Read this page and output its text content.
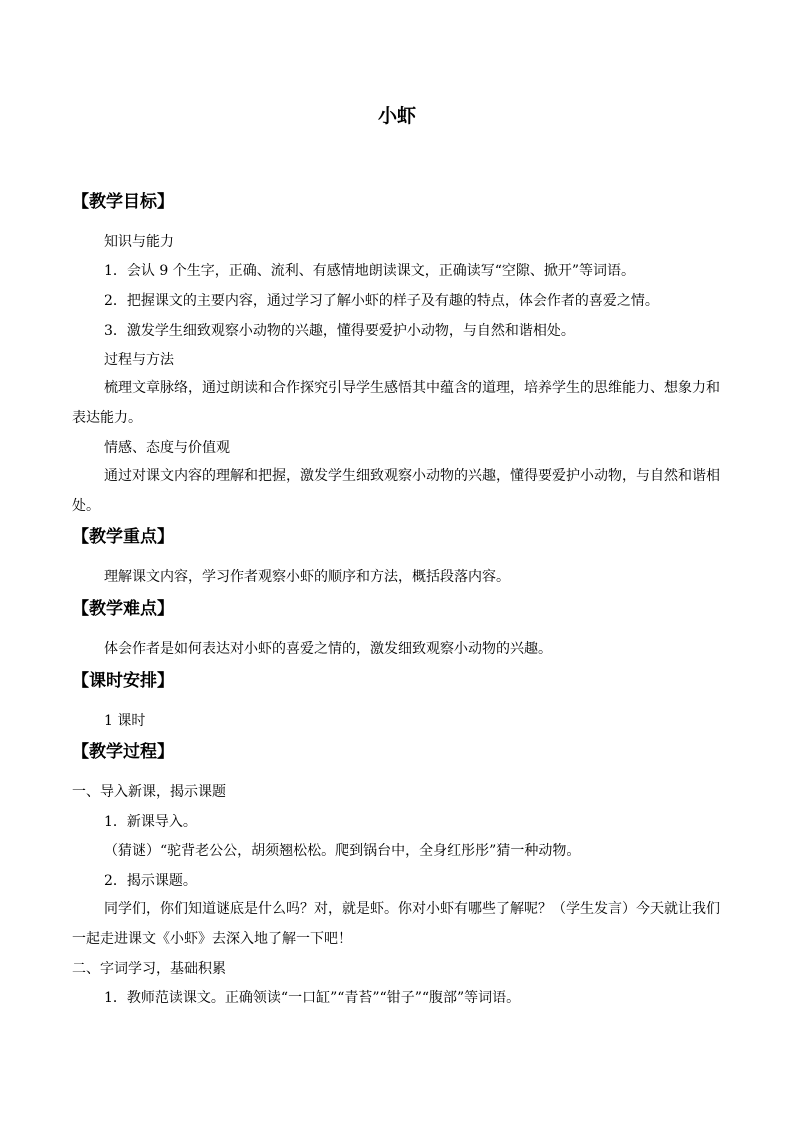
小虾
【教学目标】
知识与能力
1．会认 9 个生字，正确、流利、有感情地朗读课文，正确读写“空隙、掀开”等词语。
2．把握课文的主要内容，通过学习了解小虾的样子及有趣的特点，体会作者的喜爱之情。
3．激发学生细致观察小动物的兴趣，懂得要爱护小动物，与自然和谐相处。
过程与方法
梳理文章脉络，通过朗读和合作探究引导学生感悟其中蕴含的道理，培养学生的思维能力、想象力和表达能力。
情感、态度与价值观
通过对课文内容的理解和把握，激发学生细致观察小动物的兴趣，懂得要爱护小动物，与自然和谐相处。
【教学重点】
理解课文内容，学习作者观察小虾的顺序和方法，概括段落内容。
【教学难点】
体会作者是如何表达对小虾的喜爱之情的，激发细致观察小动物的兴趣。
【课时安排】
1 课时
【教学过程】
一、导入新课，揭示课题
1．新课导入。
（猜谜）“驼背老公公，胡须翘松松。爬到锅台中，全身红彤彤”猜一种动物。
2．揭示课题。
同学们，你们知道谜底是什么吗？对，就是虾。你对小虾有哪些了解呢？（学生发言）今天就让我们一起走进课文《小虾》去深入地了解一下吧！
二、字词学习，基础积累
1．教师范读课文。正确领读“一口缸”“青苔”“钳子”“腹部”等词语。
